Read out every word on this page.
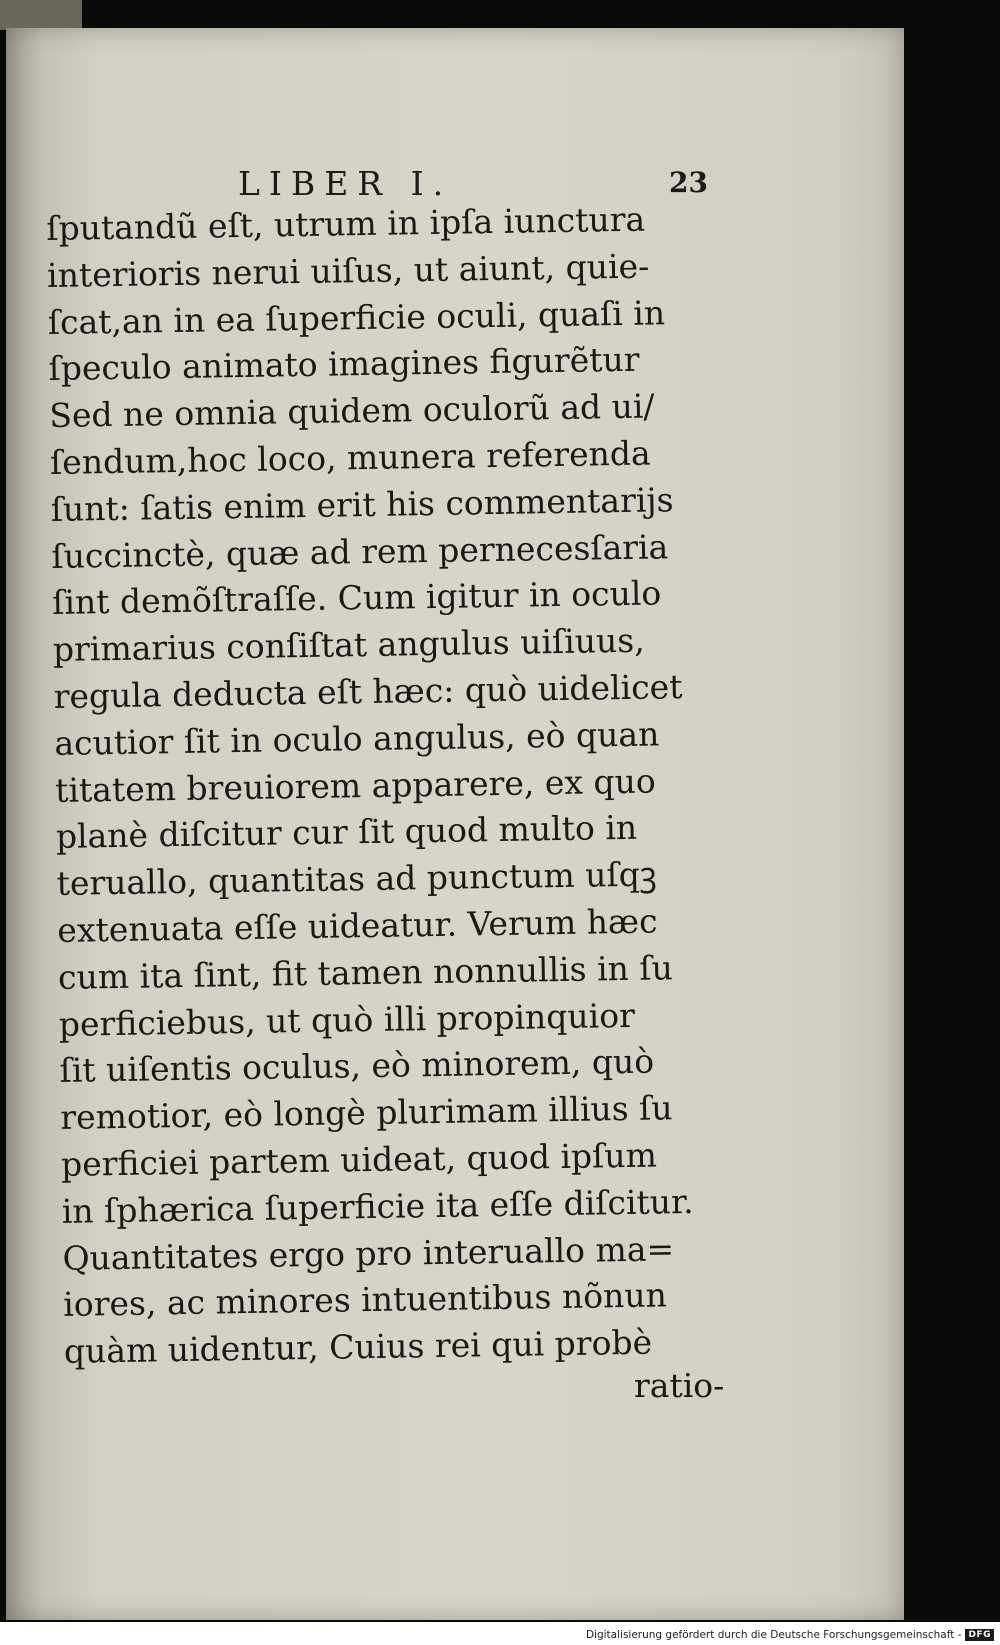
LIBER I.	23
ſputandũ eſt, utrum in ipſa iunctura
interioris nerui uiſus, ut aiunt, quie-
ſcat,an in ea ſuperficie oculi, quaſi in
ſpeculo animato imagines figurẽtur
Sed ne omnia quidem oculorũ ad ui/
ſendum,hoc loco, munera referenda
ſunt: ſatis enim erit his commentarijs
ſuccinctè, quæ ad rem pernecesſaria
ſint demõſtraſſe. Cum igitur in oculo
primarius conſiſtat angulus uiſiuus,
regula deducta eſt hæc: quò uidelicet
acutior ſit in oculo angulus, eò quan
titatem breuiorem apparere, ex quo
planè diſcitur cur ſit quod multo in
teruallo, quantitas ad punctum uſqꝫ
extenuata eſſe uideatur. Verum hæc
cum ita ſint, fit tamen nonnullis in ſu
perficiebus, ut quò illi propinquior
ſit uiſentis oculus, eò minorem, quò
remotior, eò longè plurimam illius ſu
perficiei partem uideat, quod ipſum
in ſphærica ſuperficie ita eſſe diſcitur.
Quantitates ergo pro interuallo ma=
iores, ac minores intuentibus nõnun
quàm uidentur, Cuius rei qui probè
ratio-
Digitalisierung gefördert durch die Deutsche Forschungsgemeinschaft - DFG
